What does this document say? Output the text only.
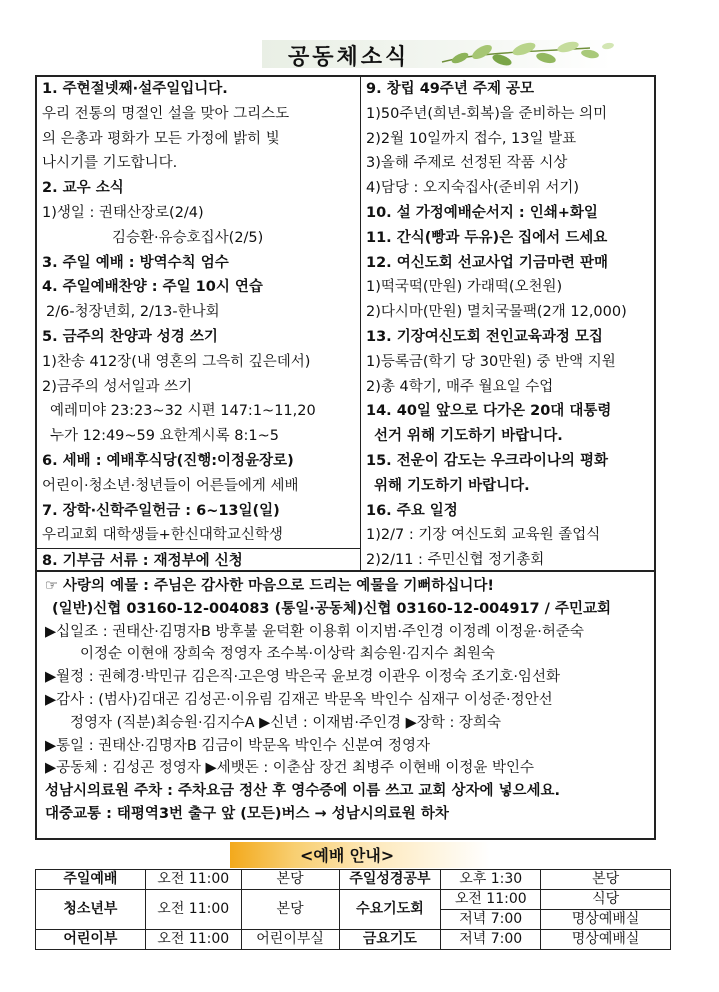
공동체소식
1. 주현절넷째·설주일입니다.
우리 전통의 명절인 설을 맞아 그리스도
의 은총과 평화가 모든 가정에 밝히 빛
나시기를 기도합니다.
2. 교우 소식
1)생일 : 권태산장로(2/4)
김승환·유승호집사(2/5)
3. 주일 예배 : 방역수칙 엄수
4. 주일예배찬양 : 주일 10시 연습
2/6-청장년회, 2/13-한나회
5. 금주의 찬양과 성경 쓰기
1)찬송 412장(내 영혼의 그윽히 깊은데서)
2)금주의 성서일과 쓰기
예레미야 23:23~32 시편 147:1~11,20
누가 12:49~59 요한계시록 8:1~5
6. 세배 : 예배후식당(진행:이정윤장로)
어린이·청소년·청년들이 어른들에게 세배
7. 장학·신학주일헌금 : 6~13일(일)
우리교회 대학생들+한신대학교신학생
8. 기부금 서류 : 재정부에 신청
9. 창립 49주년 주제 공모
1)50주년(희년-회복)을 준비하는 의미
2)2월 10일까지 접수, 13일 발표
3)올해 주제로 선정된 작품 시상
4)담당 : 오지숙집사(준비위 서기)
10. 설 가정예배순서지 : 인쇄+화일
11. 간식(빵과 두유)은 집에서 드세요
12. 여신도회 선교사업 기금마련 판매
1)떡국떡(만원) 가래떡(오천원)
2)다시마(만원) 멸치국물팩(2개 12,000)
13. 기장여신도회 전인교육과정 모집
1)등록금(학기 당 30만원) 중 반액 지원
2)총 4학기, 매주 월요일 수업
14. 40일 앞으로 다가온 20대 대통령
선거 위해 기도하기 바랍니다.
15. 전운이 감도는 우크라이나의 평화
위해 기도하기 바랍니다.
16. 주요 일정
1)2/7 : 기장 여신도회 교육원 졸업식
2)2/11 : 주민신협 정기총회
☞ 사랑의 예물 : 주님은 감사한 마음으로 드리는 예물을 기뻐하십니다!
(일반)신협 03160-12-004083 (통일·공동체)신협 03160-12-004917 / 주민교회
▶십일조 : 권태산·김명자B 방후불 윤덕환 이용휘 이지범·주인경 이정례 이정윤·허준숙
이정순 이현애 장희숙 정영자 조수복·이상락 최승원·김지수 최원숙
▶월정 : 권혜경·박민규 김은직·고은영 박은국 윤보경 이관우 이정숙 조기호·임선화
▶감사 : (범사)김대곤 김성곤·이유림 김재곤 박문옥 박인수 심재구 이성준·정안선
정영자 (직분)최승원·김지수A ▶신년 : 이재범·주인경 ▶장학 : 장희숙
▶통일 : 권태산·김명자B 김금이 박문옥 박인수 신분여 정영자
▶공동체 : 김성곤 정영자 ▶세뱃돈 : 이춘삼 장건 최병주 이현배 이정윤 박인수
성남시의료원 주차 : 주차요금 정산 후 영수증에 이름 쓰고 교회 상자에 넣으세요.
대중교통 : 태평역3번 출구 앞 (모든)버스 → 성남시의료원 하차
<예배 안내>
주일예배	오전 11:00	본당	주일성경공부	오후 1:30	본당
청소년부	오전 11:00	본당	수요기도회	오전 11:00	식당
				저녁 7:00	명상예배실
어린이부	오전 11:00	어린이부실	금요기도	저녁 7:00	명상예배실
